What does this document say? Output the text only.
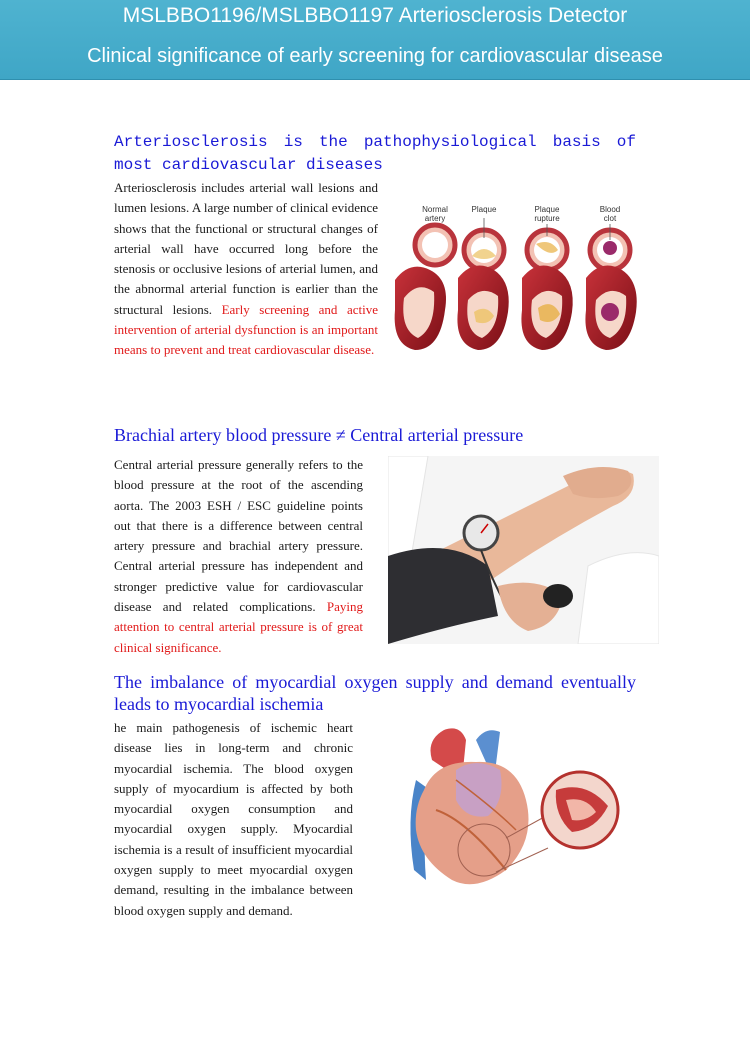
MSLBBO1196/MSLBBO1197 Arteriosclerosis Detector
Clinical significance of early screening for cardiovascular disease
Arteriosclerosis is the pathophysiological basis of most cardiovascular diseases
Arteriosclerosis includes arterial wall lesions and lumen lesions. A large number of clinical evidence shows that the functional or structural changes of arterial wall have occurred long before the stenosis or occlusive lesions of arterial lumen, and the abnormal arterial function is earlier than the structural lesions. Early screening and active intervention of arterial dysfunction is an important means to prevent and treat cardiovascular disease.
Normal artery
Plaque	Plaque rupture
Blood clot
Brachial artery blood pressure ≠ Central arterial pressure
Central arterial pressure generally refers to the blood pressure at the root of the ascending aorta. The 2003 ESH / ESC guideline points out that there is a difference between central artery pressure and brachial artery pressure. Central arterial pressure has independent and stronger predictive value for cardiovascular disease and related complications. Paying attention to central arterial pressure is of great clinical significance.
The imbalance of myocardial oxygen supply and demand eventually leads to myocardial ischemia
he main pathogenesis of ischemic heart disease lies in long-term and chronic myocardial ischemia. The blood oxygen supply of myocardium is affected by both myocardial oxygen consumption and myocardial oxygen supply. Myocardial ischemia is a result of insufficient myocardial oxygen supply to meet myocardial oxygen demand, resulting in the imbalance between blood oxygen supply and demand.
